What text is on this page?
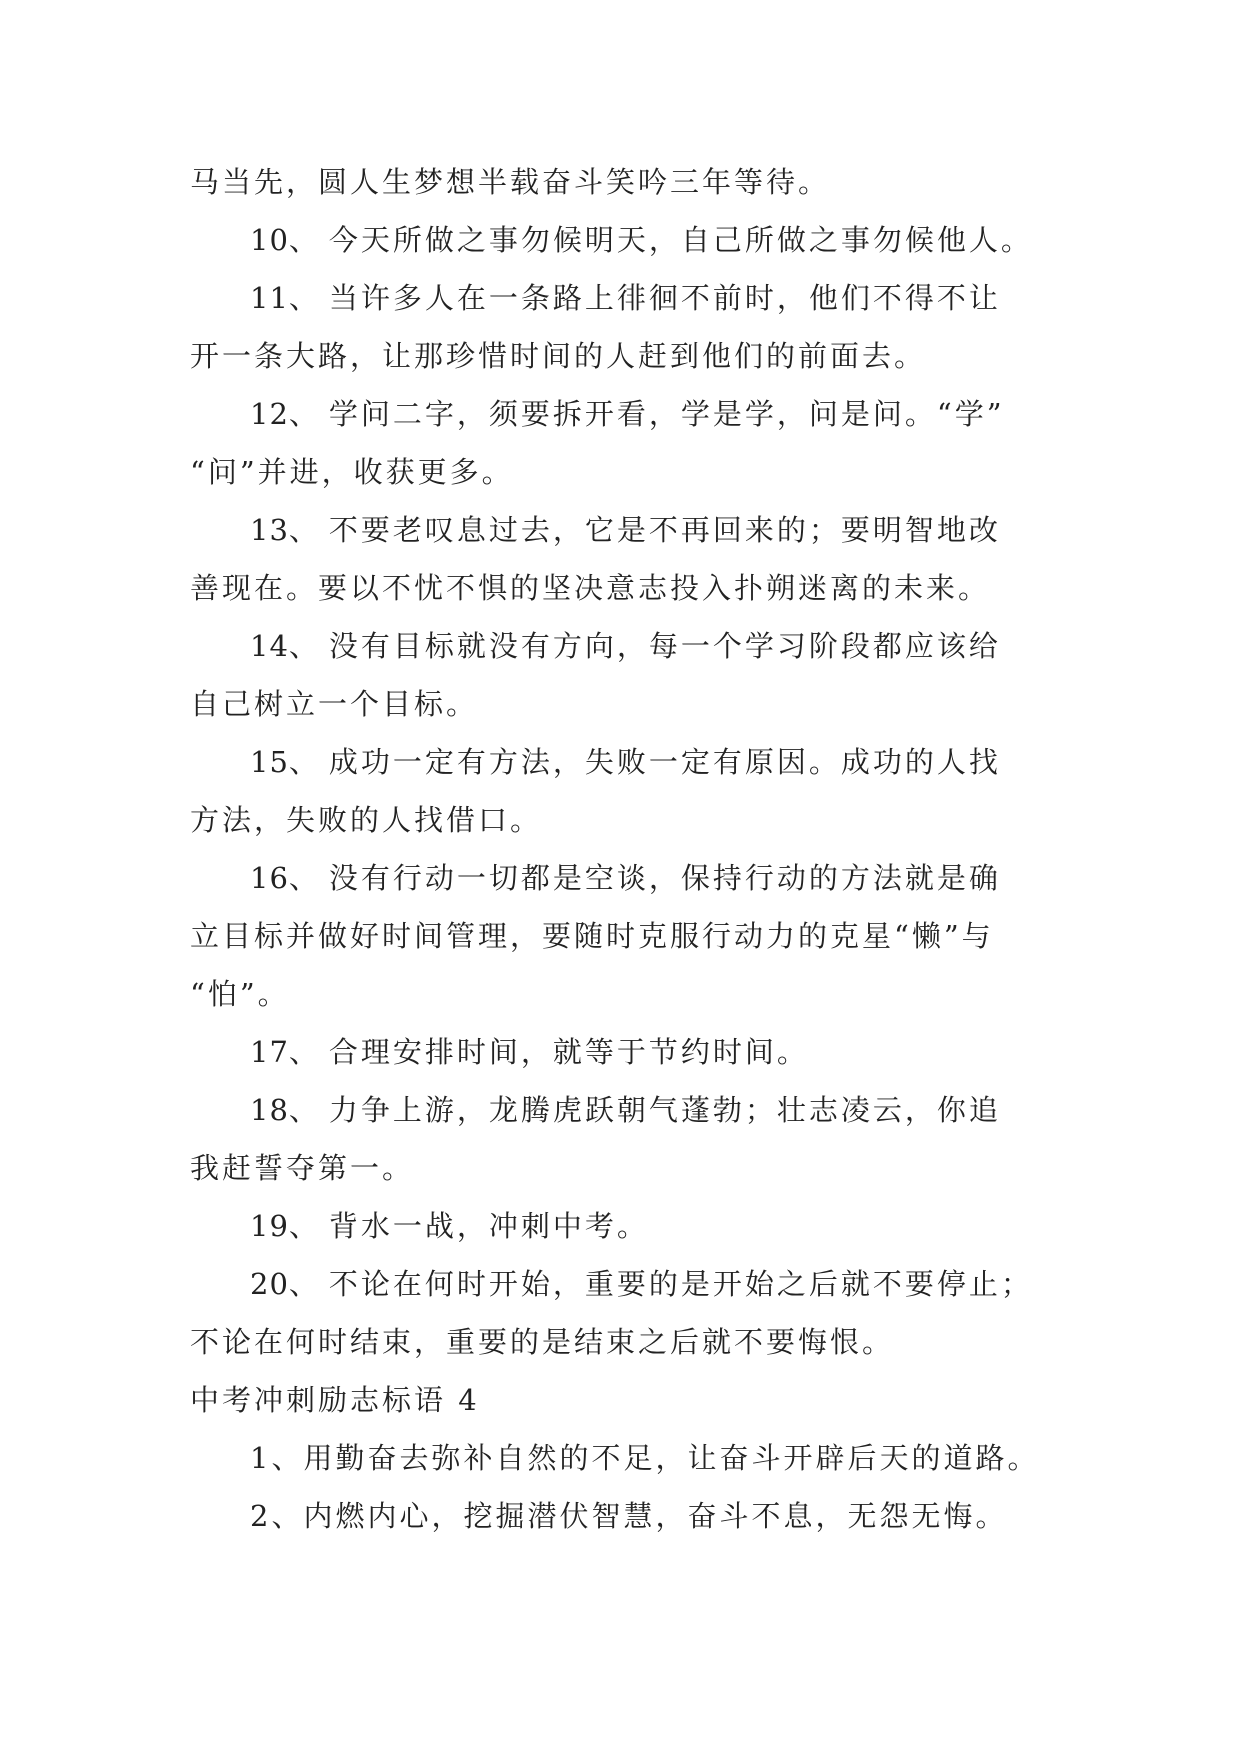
马当先，圆人生梦想半载奋斗笑吟三年等待。
10、 今天所做之事勿候明天，自己所做之事勿候他人。
11、 当许多人在一条路上徘徊不前时，他们不得不让
开一条大路，让那珍惜时间的人赶到他们的前面去。
12、 学问二字，须要拆开看，学是学，问是问。“学”
“问”并进，收获更多。
13、 不要老叹息过去，它是不再回来的；要明智地改
善现在。要以不忧不惧的坚决意志投入扑朔迷离的未来。
14、 没有目标就没有方向，每一个学习阶段都应该给
自己树立一个目标。
15、 成功一定有方法，失败一定有原因。成功的人找
方法，失败的人找借口。
16、 没有行动一切都是空谈，保持行动的方法就是确
立目标并做好时间管理，要随时克服行动力的克星“懒”与
“怕”。
17、 合理安排时间，就等于节约时间。
18、 力争上游，龙腾虎跃朝气蓬勃；壮志凌云，你追
我赶誓夺第一。
19、 背水一战，冲刺中考。
20、 不论在何时开始，重要的是开始之后就不要停止；
不论在何时结束，重要的是结束之后就不要悔恨。
中考冲刺励志标语 4
1、用勤奋去弥补自然的不足，让奋斗开辟后天的道路。
2、内燃内心，挖掘潜伏智慧，奋斗不息，无怨无悔。
